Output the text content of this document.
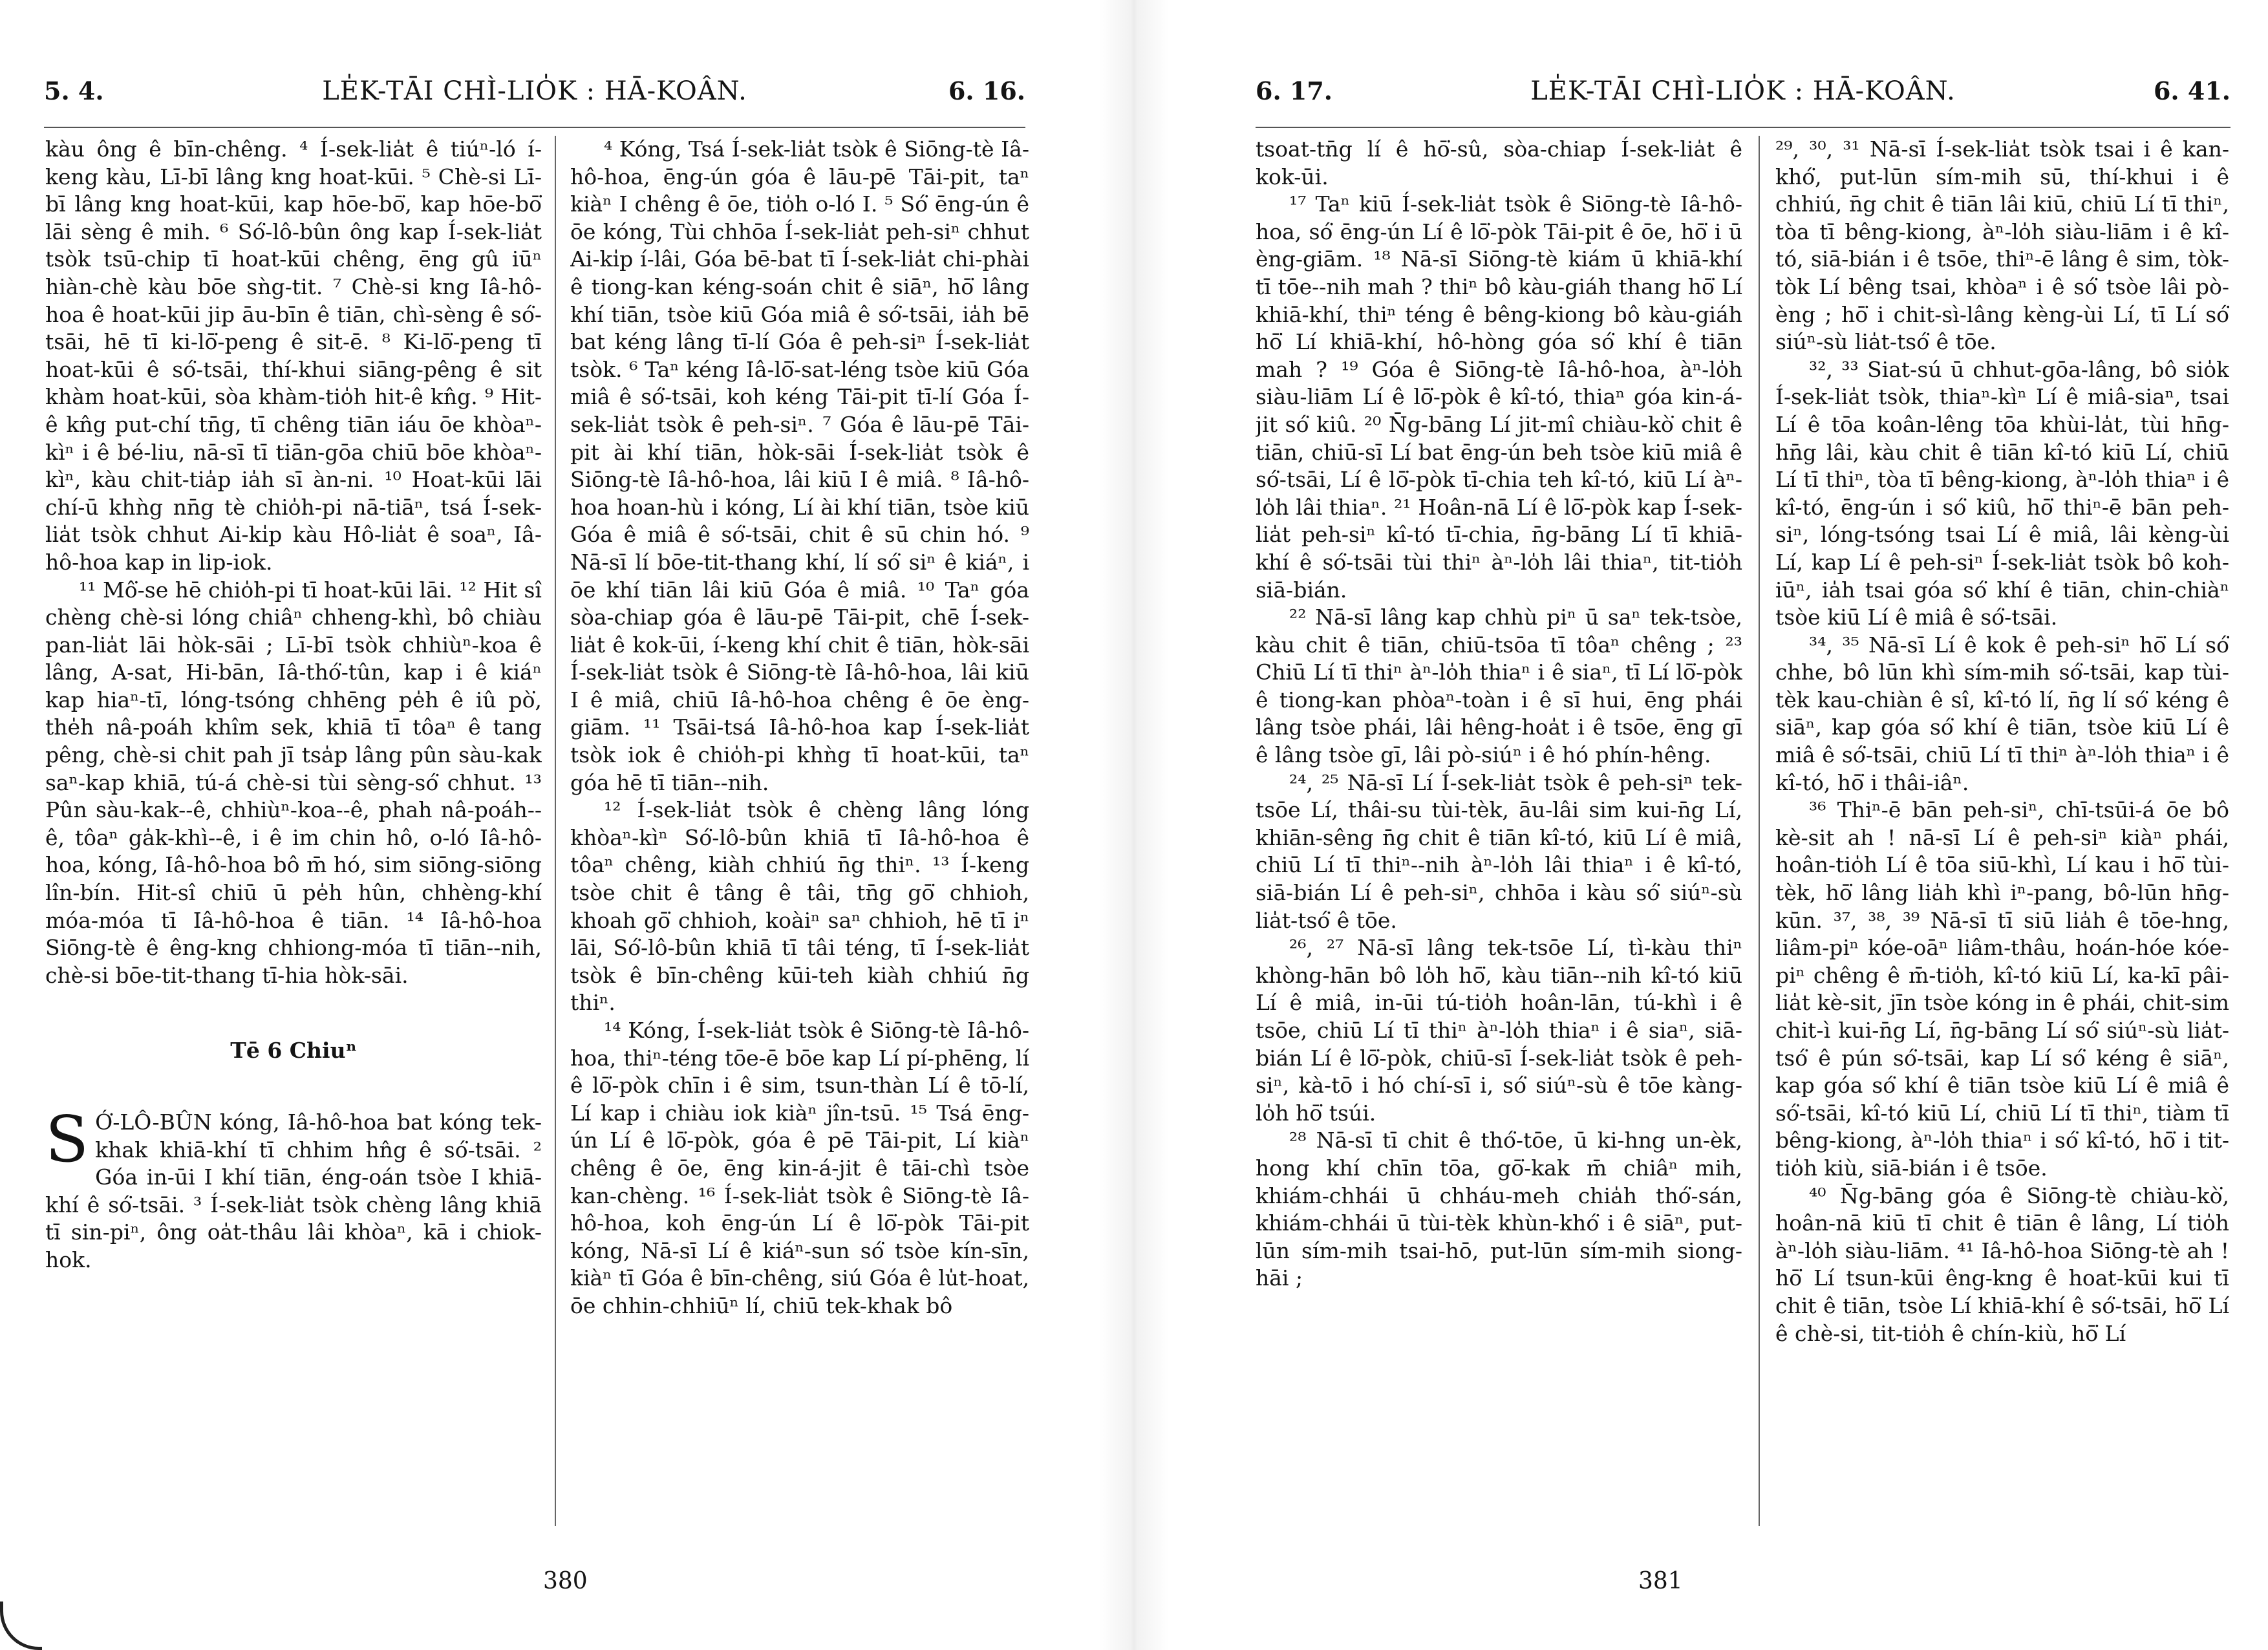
5. 4.	LE̍K-TĀI CHÌ-LIO̍K : HĀ-KOÂN.	6. 16.

kàu ông ê bīn-chêng. ⁴ Í-sek-lia̍t ê tiúⁿ-ló í-keng kàu, Lī-bī lâng kng hoat-kūi. ⁵ Chè-si Lī-bī lâng kng hoat-kūi, kap hōe-bō͘, kap hōe-bō͘ lāi sèng ê mih. ⁶ Só͘-lô-bûn ông kap Í-sek-lia̍t tsòk tsū-chip tī hoat-kūi chêng, ēng gû iūⁿ hiàn-chè kàu bōe sǹg-tit. ⁷ Chè-si kng Iâ-hô-hoa ê hoat-kūi jip āu-bīn ê tiān, chì-sèng ê só͘-tsāi, hē tī ki-lō͘-peng ê sit-ē. ⁸ Ki-lō͘-peng tī hoat-kūi ê só͘-tsāi, thí-khui siāng-pêng ê sit khàm hoat-kūi, sòa khàm-tio̍h hit-ê kn̂g. ⁹ Hit-ê kn̂g put-chí tn̄g, tī chêng tiān iáu ōe khòaⁿ-kìⁿ i ê bé-liu, nā-sī tī tiān-gōa chiū bōe khòaⁿ-kìⁿ, kàu chit-tia̍p ia̍h sī àn-ni. ¹⁰ Hoat-kūi lāi chí-ū khǹg nn̄g tè chio̍h-pi nā-tiāⁿ, tsá Í-sek-lia̍t tsòk chhut Ai-ki̍p kàu Hô-lia̍t ê soaⁿ, Iâ-hô-hoa kap in lip-iok.

¹¹ Mô͘-se hē chio̍h-pi tī hoat-kūi lāi. ¹² Hit sî chèng chè-si lóng chiâⁿ chheng-khì, bô chiàu pan-lia̍t lāi hòk-sāi ; Lī-bī tsòk chhiùⁿ-koa ê lâng, A-sat, Hi-bān, Iâ-thó͘-tûn, kap i ê kiáⁿ kap hiaⁿ-tī, lóng-tsóng chhēng pe̍h ê iû pò͘, the̍h nâ-poáh khîm sek, khiā tī tôaⁿ ê tang pêng, chè-si chit pah jī tsa̍p lâng pûn sàu-kak saⁿ-kap khiā, tú-á chè-si tùi sèng-só͘ chhut. ¹³ Pûn sàu-kak--ê, chhiùⁿ-koa--ê, phah nâ-poáh--ê, tôaⁿ ga̍k-khì--ê, i ê im chin hô, o-ló Iâ-hô-hoa, kóng, Iâ-hô-hoa bô m̄ hó, sim siōng-siōng lîn-bín. Hit-sî chiū ū pe̍h hûn, chhèng-khí móa-móa tī Iâ-hô-hoa ê tiān. ¹⁴ Iâ-hô-hoa Siōng-tè ê êng-kng chhiong-móa tī tiān--nih, chè-si bōe-tit-thang tī-hia hòk-sāi.

Tē 6 Chiuⁿ

SÓ͘-LÔ-BÛN kóng, Iâ-hô-hoa bat kóng tek-khak khiā-khí tī chhim hn̂g ê só͘-tsāi. ² Góa in-ūi I khí tiān, éng-oán tsòe I khiā-khí ê só͘-tsāi. ³ Í-sek-lia̍t tsòk chèng lâng khiā tī sin-piⁿ, ông oa̍t-thâu lâi khòaⁿ, kā i chiok-hok.

⁴ Kóng, Tsá Í-sek-lia̍t tsòk ê Siōng-tè Iâ-hô-hoa, ēng-ún góa ê lāu-pē Tāi-pit, taⁿ kiàⁿ I chêng ê ōe, tio̍h o-ló I. ⁵ Só͘ ēng-ún ê ōe kóng, Tùi chhōa Í-sek-lia̍t peh-siⁿ chhut Ai-ki̍p í-lâi, Góa bē-bat tī Í-sek-lia̍t chi-phài ê tiong-kan kéng-soán chit ê siāⁿ, hō͘ lâng khí tiān, tsòe kiū Góa miâ ê só͘-tsāi, ia̍h bē bat kéng lâng tī-lí Góa ê peh-siⁿ Í-sek-lia̍t tsòk. ⁶ Taⁿ kéng Iâ-lō͘-sat-léng tsòe kiū Góa miâ ê só͘-tsāi, koh kéng Tāi-pit tī-lí Góa Í-sek-lia̍t tsòk ê peh-siⁿ. ⁷ Góa ê lāu-pē Tāi-pit ài khí tiān, hòk-sāi Í-sek-lia̍t tsòk ê Siōng-tè Iâ-hô-hoa, lâi kiū I ê miâ. ⁸ Iâ-hô-hoa hoan-hù i kóng, Lí ài khí tiān, tsòe kiū Góa ê miâ ê só͘-tsāi, chit ê sū chin hó. ⁹ Nā-sī lí bōe-tit-thang khí, lí só͘ siⁿ ê kiáⁿ, i ōe khí tiān lâi kiū Góa ê miâ. ¹⁰ Taⁿ góa sòa-chiap góa ê lāu-pē Tāi-pit, chē Í-sek-lia̍t ê kok-ūi, í-keng khí chit ê tiān, hòk-sāi Í-sek-lia̍t tsòk ê Siōng-tè Iâ-hô-hoa, lâi kiū I ê miâ, chiū Iâ-hô-hoa chêng ê ōe èng-giām. ¹¹ Tsāi-tsá Iâ-hô-hoa kap Í-sek-lia̍t tsòk iok ê chio̍h-pi khǹg tī hoat-kūi, taⁿ góa hē tī tiān--nih.

¹² Í-sek-lia̍t tsòk ê chèng lâng lóng khòaⁿ-kìⁿ Só͘-lô-bûn khiā tī Iâ-hô-hoa ê tôaⁿ chêng, kiàh chhiú n̄g thiⁿ. ¹³ Í-keng tsòe chit ê tâng ê tâi, tn̄g gō͘ chhioh, khoah gō͘ chhioh, koàiⁿ saⁿ chhioh, hē tī iⁿ lāi, Só͘-lô-bûn khiā tī tâi téng, tī Í-sek-lia̍t tsòk ê bīn-chêng kūi-teh kiàh chhiú n̄g thiⁿ.

¹⁴ Kóng, Í-sek-lia̍t tsòk ê Siōng-tè Iâ-hô-hoa, thiⁿ-téng tōe-ē bōe kap Lí pí-phēng, lí ê lō͘-pòk chīn i ê sim, tsun-thàn Lí ê tō-lí, Lí kap i chiàu iok kiàⁿ jîn-tsū. ¹⁵ Tsá ēng-ún Lí ê lō͘-pòk, góa ê pē Tāi-pit, Lí kiàⁿ chêng ê ōe, ēng kin-á-jit ê tāi-chì tsòe kan-chèng. ¹⁶ Í-sek-lia̍t tsòk ê Siōng-tè Iâ-hô-hoa, koh ēng-ún Lí ê lō͘-pòk Tāi-pit kóng, Nā-sī Lí ê kiáⁿ-sun só͘ tsòe kín-sīn, kiàⁿ tī Góa ê bīn-chêng, siú Góa ê lu̍t-hoat, ōe chhin-chhiūⁿ lí, chiū tek-khak bô

380
6. 17.	LE̍K-TĀI CHÌ-LIO̍K : HĀ-KOÂN.	6. 41.

tsoat-tn̄g lí ê hō͘-sû, sòa-chiap Í-sek-lia̍t ê kok-ūi.

¹⁷ Taⁿ kiū Í-sek-lia̍t tsòk ê Siōng-tè Iâ-hô-hoa, só͘ ēng-ún Lí ê lō͘-pòk Tāi-pit ê ōe, hō͘ i ū èng-giām. ¹⁸ Nā-sī Siōng-tè kiám ū khiā-khí tī tōe--nih mah ? thiⁿ bô kàu-giáh thang hō͘ Lí khiā-khí, thiⁿ téng ê bêng-kiong bô kàu-giáh hō͘ Lí khiā-khí, hô-hòng góa só͘ khí ê tiān mah ? ¹⁹ Góa ê Siōng-tè Iâ-hô-hoa, àⁿ-lo̍h siàu-liām Lí ê lō͘-pòk ê kî-tó, thiaⁿ góa kin-á-jit só͘ kiû. ²⁰ N̄g-bāng Lí jit-mî chiàu-kò͘ chit ê tiān, chiū-sī Lí bat ēng-ún beh tsòe kiū miâ ê só͘-tsāi, Lí ê lō͘-pòk tī-chia teh kî-tó, kiū Lí àⁿ-lo̍h lâi thiaⁿ. ²¹ Hoân-nā Lí ê lō͘-pòk kap Í-sek-lia̍t peh-siⁿ kî-tó tī-chia, n̄g-bāng Lí tī khiā-khí ê só͘-tsāi tùi thiⁿ àⁿ-lo̍h lâi thiaⁿ, tit-tio̍h siā-bián.

²² Nā-sī lâng kap chhù piⁿ ū saⁿ tek-tsòe, kàu chit ê tiān, chiū-tsōa tī tôaⁿ chêng ; ²³ Chiū Lí tī thiⁿ àⁿ-lo̍h thiaⁿ i ê siaⁿ, tī Lí lō͘-pòk ê tiong-kan phòaⁿ-toàn i ê sī hui, ēng phái lâng tsòe phái, lâi hêng-hoa̍t i ê tsōe, ēng gī ê lâng tsòe gī, lâi pò-siúⁿ i ê hó phín-hêng.

²⁴, ²⁵ Nā-sī Lí Í-sek-lia̍t tsòk ê peh-siⁿ tek-tsōe Lí, thâi-su tùi-tèk, āu-lâi sim kui-n̄g Lí, khiān-sêng n̄g chit ê tiān kî-tó, kiū Lí ê miâ, chiū Lí tī thiⁿ--nih àⁿ-lo̍h lâi thiaⁿ i ê kî-tó, siā-bián Lí ê peh-siⁿ, chhōa i kàu só͘ siúⁿ-sù lia̍t-tsó͘ ê tōe.

²⁶, ²⁷ Nā-sī lâng tek-tsōe Lí, tì-kàu thiⁿ khòng-hān bô lo̍h hō͘, kàu tiān--nih kî-tó kiū Lí ê miâ, in-ūi tú-tio̍h hoân-lān, tú-khì i ê tsōe, chiū Lí tī thiⁿ àⁿ-lo̍h thiaⁿ i ê siaⁿ, siā-bián Lí ê lō͘-pòk, chiū-sī Í-sek-lia̍t tsòk ê peh-siⁿ, kà-tō i hó chí-sī i, só͘ siúⁿ-sù ê tōe kàng-lo̍h hō͘ tsúi.

²⁸ Nā-sī tī chit ê thó͘-tōe, ū ki-hng un-èk, hong khí chīn tōa, gō͘-kak m̄ chiâⁿ mih, khiám-chhái ū chháu-meh chia̍h thó͘-sán, khiám-chhái ū tùi-tèk khùn-khó͘ i ê siāⁿ, put-lūn sím-mih tsai-hō, put-lūn sím-mih siong-hāi ;

²⁹, ³⁰, ³¹ Nā-sī Í-sek-lia̍t tsòk tsai i ê kan-khó͘, put-lūn sím-mih sū, thí-khui i ê chhiú, n̄g chit ê tiān lâi kiū, chiū Lí tī thiⁿ, tòa tī bêng-kiong, àⁿ-lo̍h siàu-liām i ê kî-tó, siā-bián i ê tsōe, thiⁿ-ē lâng ê sim, tòk-tòk Lí bêng tsai, khòaⁿ i ê só͘ tsòe lâi pò-èng ; hō͘ i chit-sì-lâng kèng-ùi Lí, tī Lí só͘ siúⁿ-sù lia̍t-tsó͘ ê tōe.

³², ³³ Siat-sú ū chhut-gōa-lâng, bô sio̍k Í-sek-lia̍t tsòk, thiaⁿ-kìⁿ Lí ê miâ-siaⁿ, tsai Lí ê tōa koân-lêng tōa khùi-la̍t, tùi hn̄g-hn̄g lâi, kàu chit ê tiān kî-tó kiū Lí, chiū Lí tī thiⁿ, tòa tī bêng-kiong, àⁿ-lo̍h thiaⁿ i ê kî-tó, ēng-ún i só͘ kiû, hō͘ thiⁿ-ē bān peh-siⁿ, lóng-tsóng tsai Lí ê miâ, lâi kèng-ùi Lí, kap Lí ê peh-siⁿ Í-sek-lia̍t tsòk bô koh-iūⁿ, ia̍h tsai góa só͘ khí ê tiān, chin-chiàⁿ tsòe kiū Lí ê miâ ê só͘-tsāi.

³⁴, ³⁵ Nā-sī Lí ê kok ê peh-siⁿ hō͘ Lí só͘ chhe, bô lūn khì sím-mih só͘-tsāi, kap tùi-tèk kau-chiàn ê sî, kî-tó lí, n̄g lí só͘ kéng ê siāⁿ, kap góa só͘ khí ê tiān, tsòe kiū Lí ê miâ ê só͘-tsāi, chiū Lí tī thiⁿ àⁿ-lo̍h thiaⁿ i ê kî-tó, hō͘ i thâi-iâⁿ.

³⁶ Thiⁿ-ē bān peh-siⁿ, chī-tsūi-á ōe bô kè-sit ah ! nā-sī Lí ê peh-siⁿ kiàⁿ phái, hoân-tio̍h Lí ê tōa siū-khì, Lí kau i hō͘ tùi-tèk, hō͘ lâng lia̍h khì iⁿ-pang, bô-lūn hn̄g-kūn. ³⁷, ³⁸, ³⁹ Nā-sī tī siū lia̍h ê tōe-hng, liâm-piⁿ kóe-oāⁿ liâm-thâu, hoán-hóe kóe-piⁿ chêng ê m̄-tio̍h, kî-tó kiū Lí, ka-kī pâi-lia̍t kè-sit, jīn tsòe kóng in ê phái, chit-sim chit-ì kui-n̄g Lí, n̄g-bāng Lí só͘ siúⁿ-sù lia̍t-tsó͘ ê pún só͘-tsāi, kap Lí só͘ kéng ê siāⁿ, kap góa só͘ khí ê tiān tsòe kiū Lí ê miâ ê só͘-tsāi, kî-tó kiū Lí, chiū Lí tī thiⁿ, tiàm tī bêng-kiong, àⁿ-lo̍h thiaⁿ i só͘ kî-tó, hō͘ i tit-tio̍h kiù, siā-bián i ê tsōe.

⁴⁰ N̄g-bāng góa ê Siōng-tè chiàu-kò͘, hoân-nā kiū tī chit ê tiān ê lâng, Lí tio̍h àⁿ-lo̍h siàu-liām. ⁴¹ Iâ-hô-hoa Siōng-tè ah ! hō͘ Lí tsun-kūi êng-kng ê hoat-kūi kui tī chit ê tiān, tsòe Lí khiā-khí ê só͘-tsāi, hō͘ Lí ê chè-si, tit-tio̍h ê chín-kiù, hō͘ Lí

381
